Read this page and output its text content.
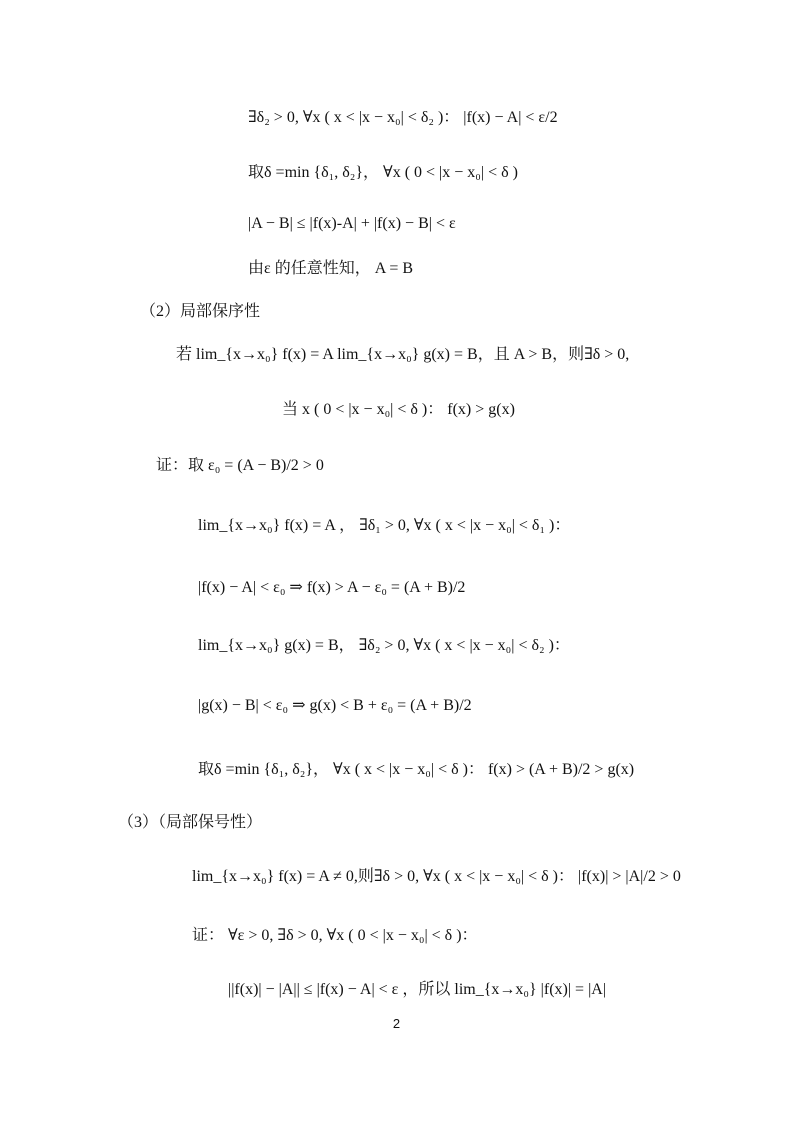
∃δ₂ > 0, ∀x ( x < |x − x₀| < δ₂ )： |f(x) − A| < ε/2
取δ =min {δ₁, δ₂}， ∀x ( 0 < |x − x₀| < δ )
|A − B| ≤ |f(x)-A| + |f(x) − B| < ε
由ε 的任意性知， A = B
（2）局部保序性
若 lim_{x→x₀} f(x) = A lim_{x→x₀} g(x) = B，且 A > B，则∃δ > 0,
当 x ( 0 < |x − x₀| < δ )： f(x) > g(x)
证：取 ε₀ = (A − B)/2 > 0
lim_{x→x₀} f(x) = A ， ∃δ₁ > 0, ∀x ( x < |x − x₀| < δ₁ )：
|f(x) − A| < ε₀ ⇒ f(x) > A − ε₀ = (A + B)/2
lim_{x→x₀} g(x) = B， ∃δ₂ > 0, ∀x ( x < |x − x₀| < δ₂ )：
|g(x) − B| < ε₀ ⇒ g(x) < B + ε₀ = (A + B)/2
取δ =min {δ₁, δ₂}， ∀x ( x < |x − x₀| < δ )： f(x) > (A + B)/2 > g(x)
（3）（局部保号性）
lim_{x→x₀} f(x) = A ≠ 0,则∃δ > 0, ∀x ( x < |x − x₀| < δ )： |f(x)| > |A|/2 > 0
证： ∀ε > 0, ∃δ > 0, ∀x ( 0 < |x − x₀| < δ )：
||f(x)| − |A|| ≤ |f(x) − A| < ε ，所以 lim_{x→x₀} |f(x)| = |A|
2
